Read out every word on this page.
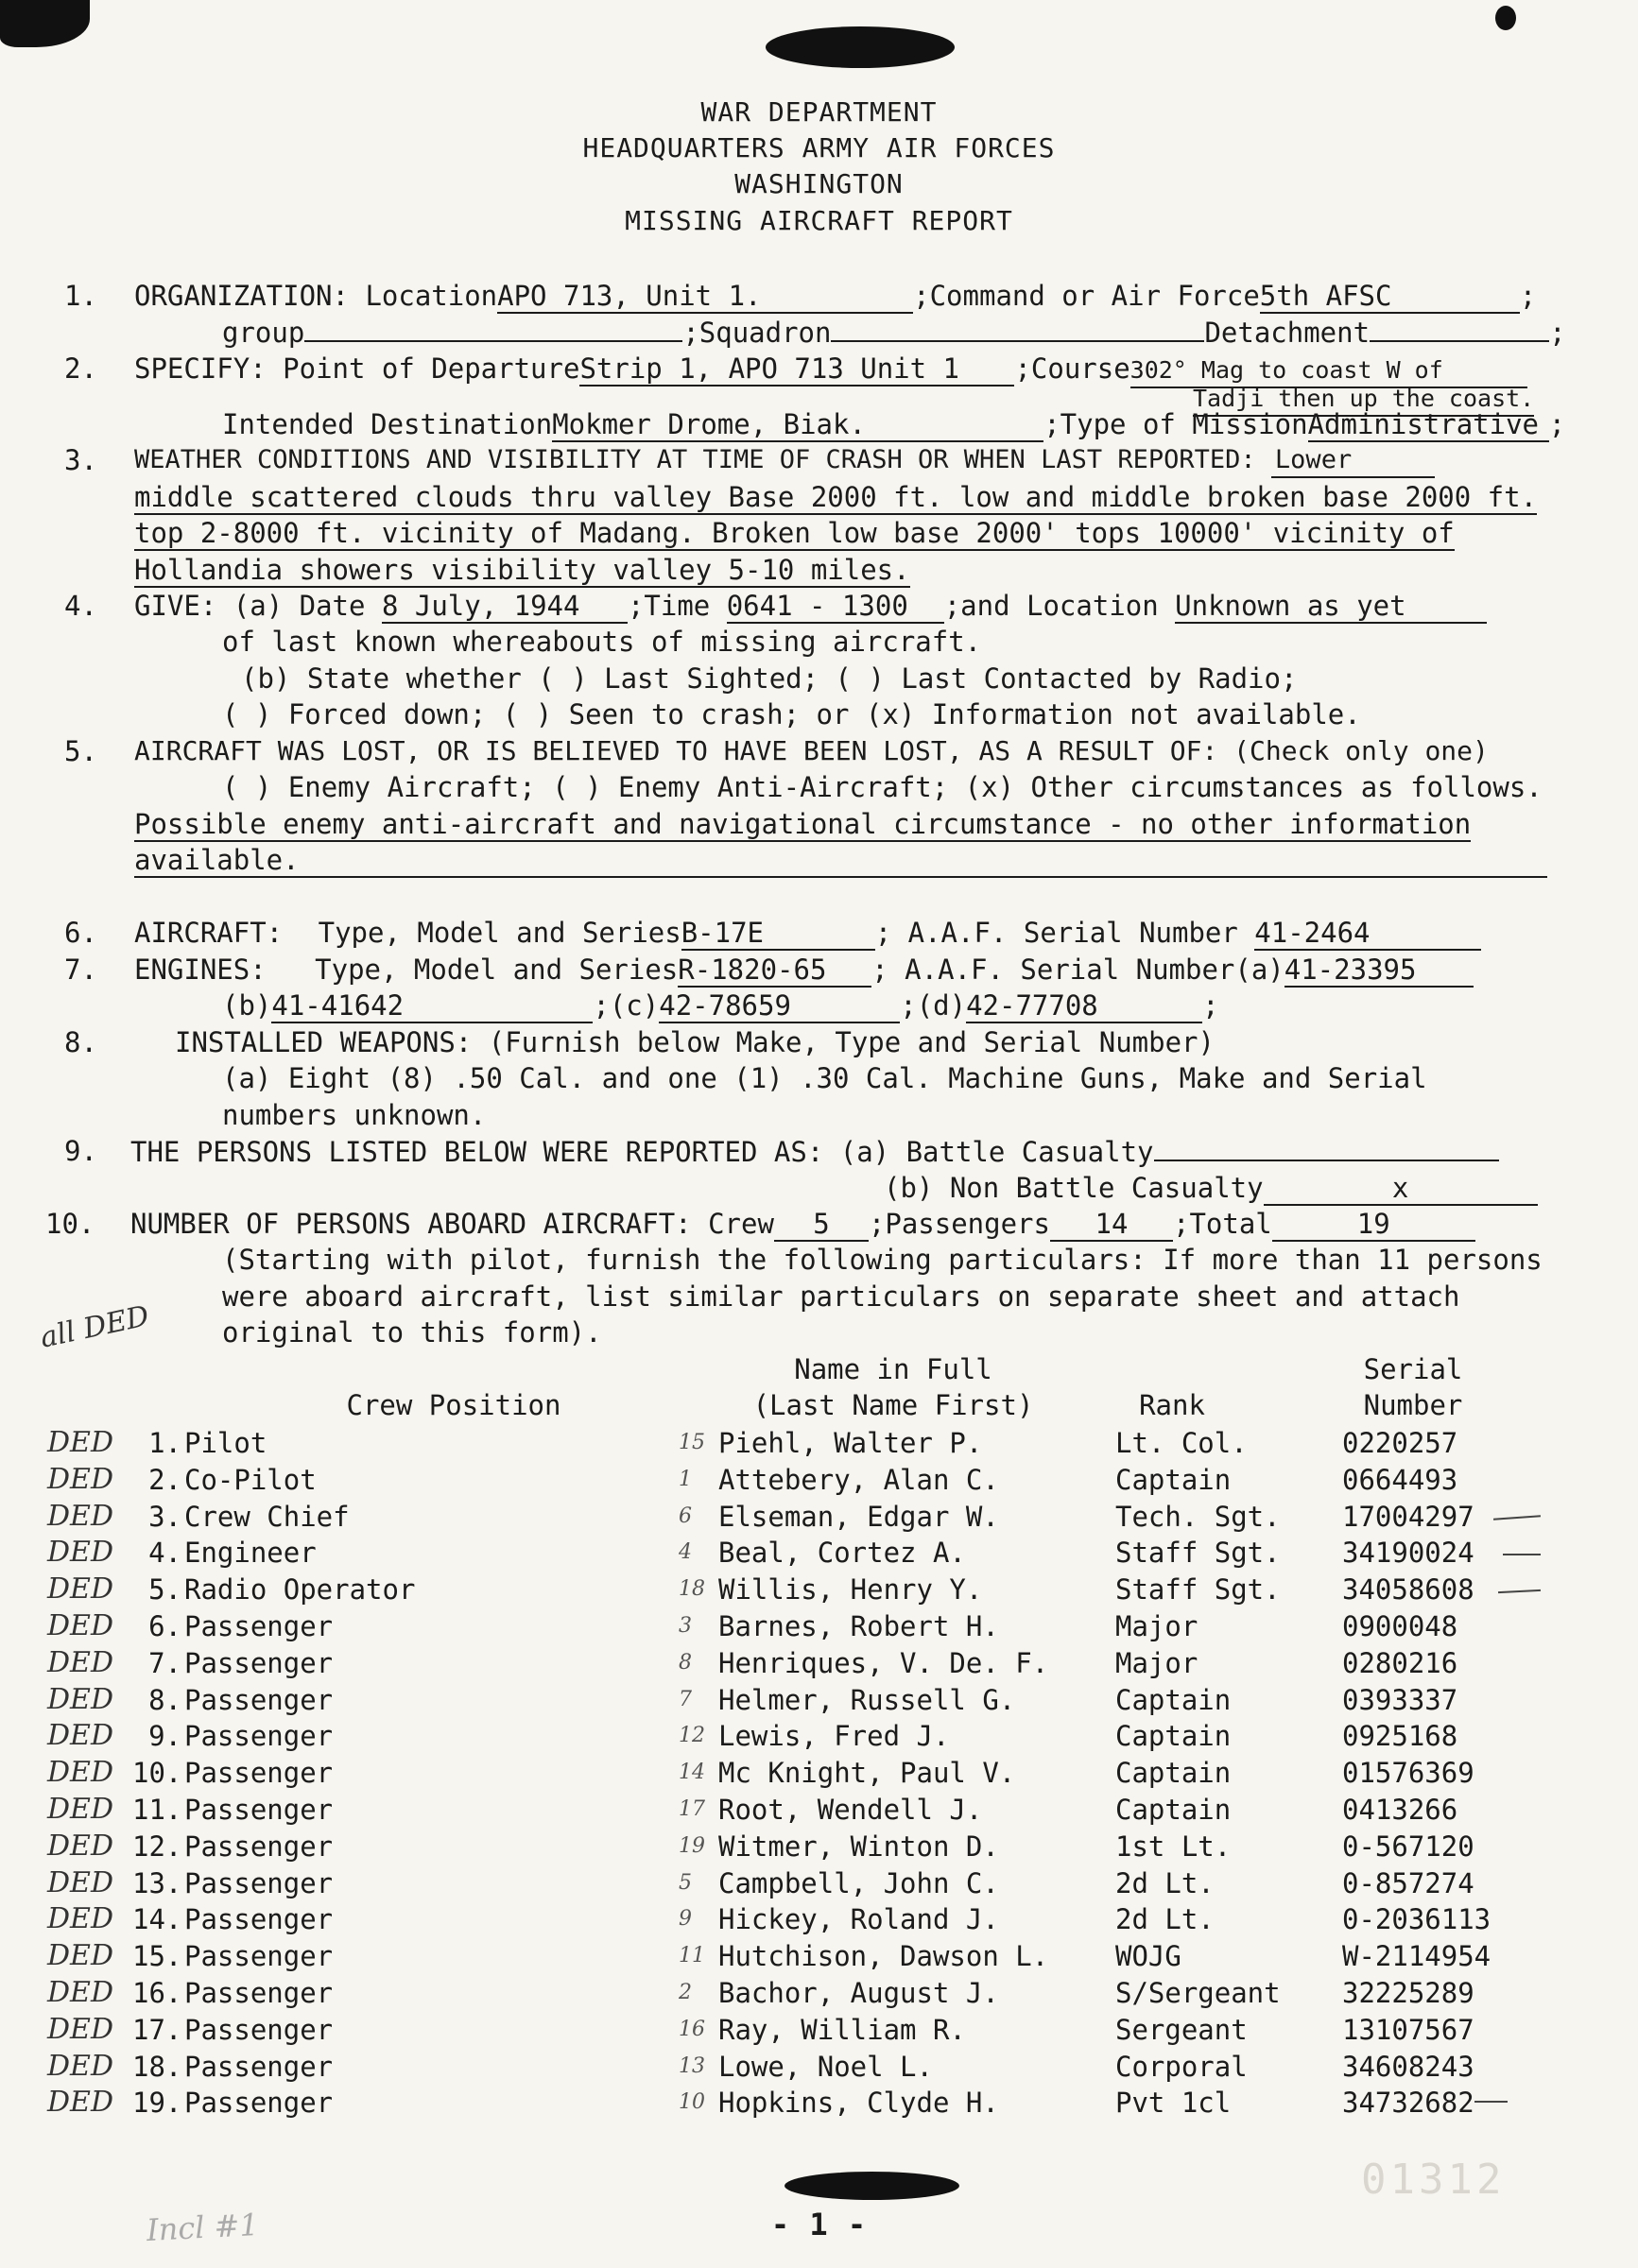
WAR DEPARTMENT
HEADQUARTERS ARMY AIR FORCES
WASHINGTON
MISSING AIRCRAFT REPORT
1. ORGANIZATION: LocationAPO 713, Unit 1.	;Command or Air Force5th AFSC	;
group	;Squadron	Detachment	;
2. SPECIFY: Point of DepartureStrip 1, APO 713 Unit 1 ;Course302° Mag to coast W of
Tadji then up the coast.
Intended DestinationMokmer Drome, Biak.	;Type of MissionAdministrative ;
3. WEATHER CONDITIONS AND VISIBILITY AT TIME OF CRASH OR WHEN LAST REPORTED: Lower
middle scattered clouds thru valley Base 2000 ft. low and middle broken base 2000 ft.
top 2-8000 ft. vicinity of Madang. Broken low base 2000' tops 10000' vicinity of
Hollandia showers visibility valley 5-10 miles.
4. GIVE: (a) Date 8 July, 1944 ;Time 0641 - 1300 ;and Location Unknown as yet
of last known whereabouts of missing aircraft.
(b) State whether ( ) Last Sighted; ( ) Last Contacted by Radio;
( ) Forced down; ( ) Seen to crash; or (x) Information not available.
5. AIRCRAFT WAS LOST, OR IS BELIEVED TO HAVE BEEN LOST, AS A RESULT OF: (Check only one)
( ) Enemy Aircraft; ( ) Enemy Anti-Aircraft; (x) Other circumstances as follows.
Possible enemy anti-aircraft and navigational circumstance - no other information
available.
6. AIRCRAFT: Type, Model and SeriesB-17E	; A.A.F. Serial Number 41-2464
7. ENGINES: Type, Model and SeriesR-1820-65 ; A.A.F. Serial Number(a)41-23395
(b)41-41642	;(c)42-78659	;(d)42-77708	;
8.	INSTALLED WEAPONS: (Furnish below Make, Type and Serial Number)
(a) Eight (8) .50 Cal. and one (1) .30 Cal. Machine Guns, Make and Serial
numbers unknown.
9. THE PERSONS LISTED BELOW WERE REPORTED AS: (a) Battle Casualty
(b) Non Battle Casualty	x
10. NUMBER OF PERSONS ABOARD AIRCRAFT: Crew 5 ;Passengers 14 ;Total	19
(Starting with pilot, furnish the following particulars: If more than 11 persons
were aboard aircraft, list similar particulars on separate sheet and attach
original to this form).
all DED
Crew Position
Name in Full
(Last Name First)	Rank
Serial
Number
DED	1. Pilot	15 Piehl, Walter P.	Lt. Col.	0220257
DED	2. Co-Pilot	1 Attebery, Alan C.	Captain	0664493
DED	3. Crew Chief	6 Elseman, Edgar W.	Tech. Sgt. 17004297
DED	4. Engineer	4 Beal, Cortez A.	Staff Sgt. 34190024
DED	5. Radio Operator	18 Willis, Henry Y.	Staff Sgt. 34058608
DED	6. Passenger	3 Barnes, Robert H.	Major	0900048
DED	7. Passenger	8 Henriques, V. De. F. Major	0280216
DED	8. Passenger	7 Helmer, Russell G.	Captain	0393337
DED	9. Passenger	12 Lewis, Fred J.	Captain	0925168
DED 10. Passenger	14 Mc Knight, Paul V.	Captain	01576369
DED 11. Passenger	17 Root, Wendell J.	Captain	0413266
DED 12. Passenger	19 Witmer, Winton D.	1st Lt.	0-567120
DED 13. Passenger	5 Campbell, John C.	2d Lt.	0-857274
DED 14. Passenger	9 Hickey, Roland J.	2d Lt.	0-2036113
DED 15. Passenger	11 Hutchison, Dawson L. WOJG	W-2114954
DED 16. Passenger	2 Bachor, August J.	S/Sergeant 32225289
DED 17. Passenger	16 Ray, William R.	Sergeant	13107567
DED 18. Passenger	13 Lowe, Noel L.	Corporal	34608243
DED 19. Passenger	10 Hopkins, Clyde H.	Pvt 1cl	34732682
Incl #1	- 1 -
01312
